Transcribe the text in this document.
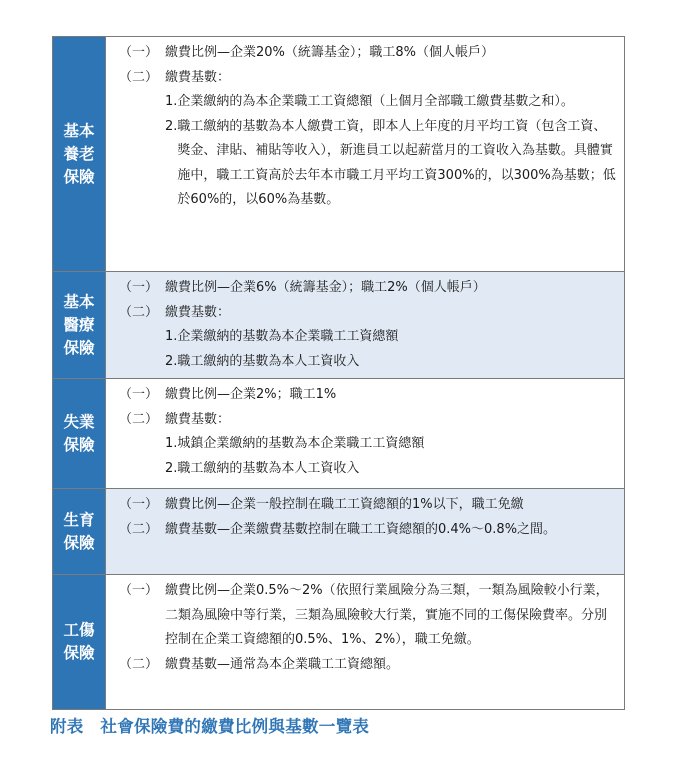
基本養老保險
（一） 繳費比例—企業20%（統籌基金）；職工8%（個人帳戶）
（二） 繳費基數：
1. 企業繳納的為本企業職工工資總額（上個月全部職工繳費基數之和）。
2. 職工繳納的基數為本人繳費工資，即本人上年度的月平均工資（包含工資、獎金、津貼、補貼等收入），新進員工以起薪當月的工資收入為基數。具體實施中，職工工資高於去年本市職工月平均工資300%的，以300%為基數；低於60%的，以60%為基數。
基本醫療保險
（一） 繳費比例—企業6%（統籌基金）；職工2%（個人帳戶）
（二） 繳費基數：
1. 企業繳納的基數為本企業職工工資總額
2. 職工繳納的基數為本人工資收入
失業保險
（一） 繳費比例—企業2%；職工1%
（二） 繳費基數：
1. 城鎮企業繳納的基數為本企業職工工資總額
2. 職工繳納的基數為本人工資收入
生育保險
（一） 繳費比例—企業一般控制在職工工資總額的1%以下，職工免繳
（二） 繳費基數—企業繳費基數控制在職工工資總額的0.4%～0.8%之間。
工傷保險
（一） 繳費比例—企業0.5%～2%（依照行業風險分為三類，一類為風險較小行業，二類為風險中等行業，三類為風險較大行業，實施不同的工傷保險費率。分別控制在企業工資總額的0.5%、1%、2%），職工免繳。
（二） 繳費基數—通常為本企業職工工資總額。
附表　社會保險費的繳費比例與基數一覽表
